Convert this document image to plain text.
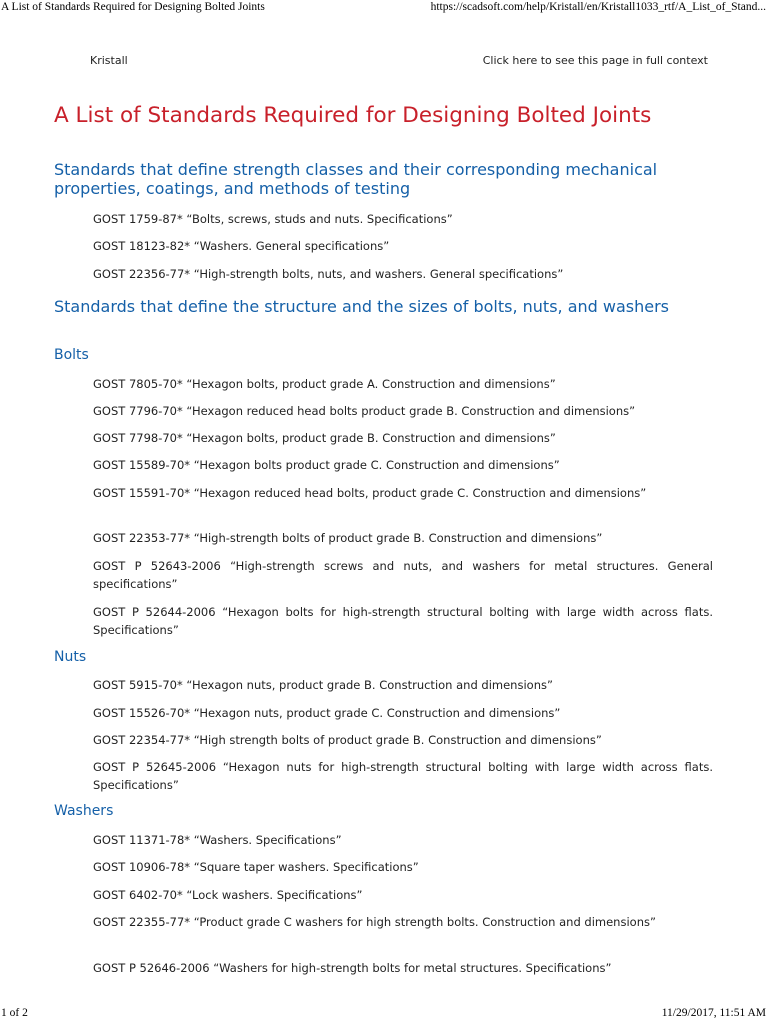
A List of Standards Required for Designing Bolted Joints	https://scadsoft.com/help/Kristall/en/Kristall1033_rtf/A_List_of_Stand...
Kristall	Click here to see this page in full context
A List of Standards Required for Designing Bolted Joints
Standards that define strength classes and their corresponding mechanical properties, coatings, and methods of testing

GOST 1759-87* “Bolts, screws, studs and nuts. Specifications”

GOST 18123-82* “Washers. General specifications”

GOST 22356-77* “High-strength bolts, nuts, and washers. General specifications”

Standards that define the structure and the sizes of bolts, nuts, and washers
Bolts

GOST 7805-70* “Hexagon bolts, product grade A. Construction and dimensions”

GOST 7796-70* “Hexagon reduced head bolts product grade B. Construction and dimensions”

GOST 7798-70* “Hexagon bolts, product grade B. Construction and dimensions”

GOST 15589-70* “Hexagon bolts product grade C. Construction and dimensions”

GOST 15591-70* “Hexagon reduced head bolts, product grade C. Construction and dimensions”

GOST 22353-77* “High-strength bolts of product grade B. Construction and dimensions”

GOST P 52643-2006 “High-strength screws and nuts, and washers for metal structures. General specifications”

GOST P 52644-2006 “Hexagon bolts for high-strength structural bolting with large width across flats. Specifications”

Nuts

GOST 5915-70* “Hexagon nuts, product grade B. Construction and dimensions”

GOST 15526-70* “Hexagon nuts, product grade C. Construction and dimensions”

GOST 22354-77* “High strength bolts of product grade B. Construction and dimensions”

GOST P 52645-2006 “Hexagon nuts for high-strength structural bolting with large width across flats. Specifications”

Washers

GOST 11371-78* “Washers. Specifications”

GOST 10906-78* “Square taper washers. Specifications”

GOST 6402-70* “Lock washers. Specifications”

GOST 22355-77* “Product grade C washers for high strength bolts. Construction and dimensions”

GOST P 52646-2006 “Washers for high-strength bolts for metal structures. Specifications”

1 of 2	11/29/2017, 11:51 AM
